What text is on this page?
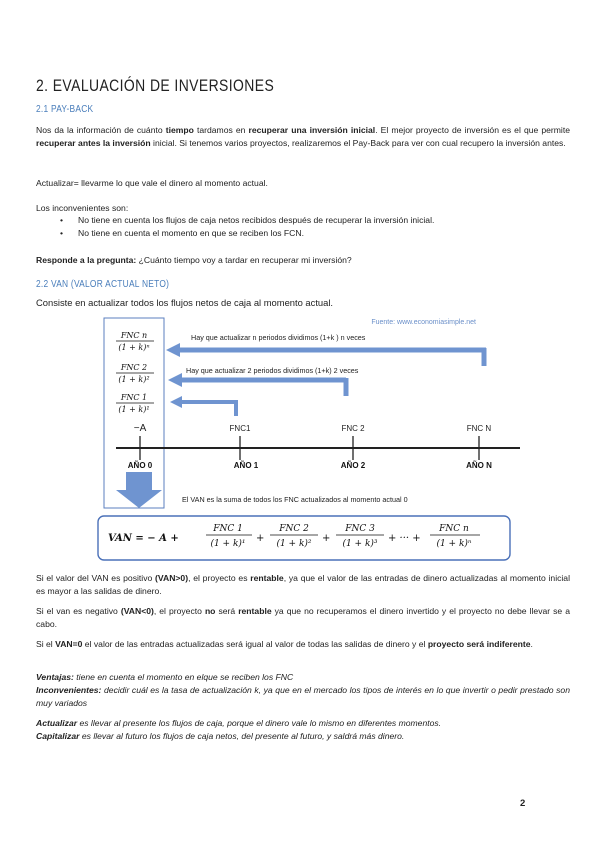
2. EVALUACIÓN DE INVERSIONES
2.1 PAY-BACK
Nos da la información de cuánto tiempo tardamos en recuperar una inversión inicial. El mejor proyecto de inversión es el que permite recuperar antes la inversión inicial. Si tenemos varios proyectos, realizaremos el Pay-Back para ver con cual recupero la inversión antes.
Actualizar= llevarme lo que vale el dinero al momento actual.
Los inconvenientes son:
• No tiene en cuenta los flujos de caja netos recibidos después de recuperar la inversión inicial.
• No tiene en cuenta el momento en que se reciben los FCN.
Responde a la pregunta: ¿Cuánto tiempo voy a tardar en recuperar mi inversión?
2.2 VAN (VALOR ACTUAL NETO)
Consiste en actualizar todos los flujos netos de caja al momento actual.
Fuente: www.economiasimple.net
FNC n
(1 + k)ⁿ
FNC 2
(1 + k)²
FNC 1
(1 + k)¹
Hay que actualizar n periodos dividimos (1+k ) n veces
Hay que actualizar 2 periodos dividimos (1+k) 2 veces
−A	FNC1	FNC 2	FNC N
AÑO 0	AÑO 1	AÑO 2	AÑO N
El VAN es la suma de todos los FNC actualizados al momento actual 0
VAN = − A +
FNC 1
(1 + k)¹ +
FNC 2
(1 + k)² +
FNC 3
(1 + k)³ + ··· +
FNC n
(1 + k)ⁿ
Si el valor del VAN es positivo (VAN>0), el proyecto es rentable, ya que el valor de las entradas de dinero actualizadas al momento inicial es mayor a las salidas de dinero.
Si el van es negativo (VAN<0), el proyecto no será rentable ya que no recuperamos el dinero invertido y el proyecto no debe llevar se a cabo.
Si el VAN=0 el valor de las entradas actualizadas será igual al valor de todas las salidas de dinero y el proyecto será indiferente.
Ventajas: tiene en cuenta el momento en elque se reciben los FNC
Inconvenientes: decidir cuál es la tasa de actualización k, ya que en el mercado los tipos de interés en lo que invertir o pedir prestado son muy variados
Actualizar es llevar al presente los flujos de caja, porque el dinero vale lo mismo en diferentes momentos.
Capitalizar es llevar al futuro los flujos de caja netos, del presente al futuro, y saldrá más dinero.
2
